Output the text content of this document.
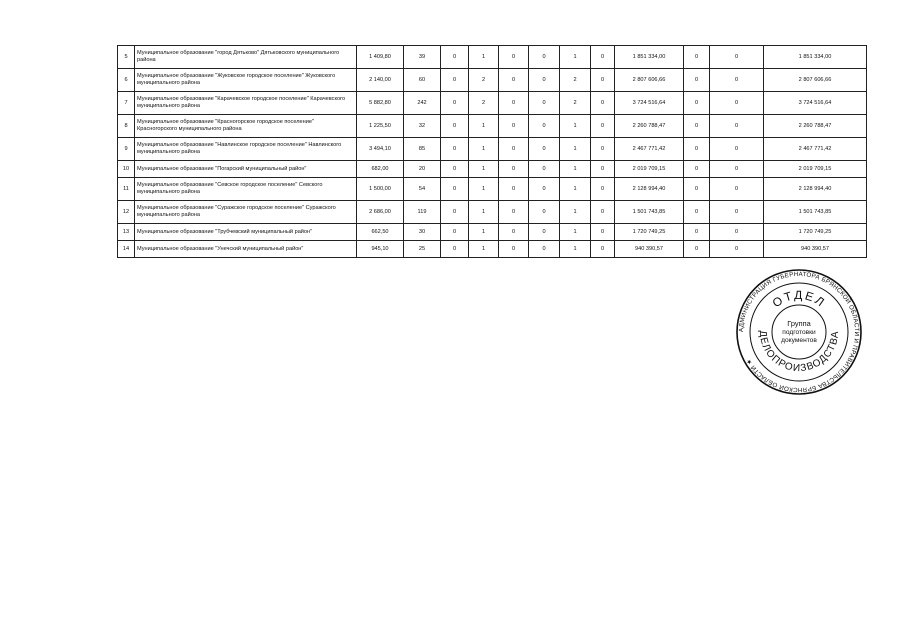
5	Муниципальное образование "город Дятьково" Дятьковского муниципального района	1 409,80	39	0	1	0	0	1	0	1 851 334,00	0	0	1 851 334,00
6	Муниципальное образование "Жуковское городское поселение" Жуковского муниципального района	2 140,00	60	0	2	0	0	2	0	2 807 606,66	0	0	2 807 606,66
7	Муниципальное образование "Карачевское городское поселение" Карачевского муниципального района	5 882,80	242	0	2	0	0	2	0	3 724 516,64	0	0	3 724 516,64
8	Муниципальное образование "Красногорское городское поселение" Красногорского муниципального района	1 225,50	32	0	1	0	0	1	0	2 260 788,47	0	0	2 260 788,47
9	Муниципальное образование "Навлинское городское поселение" Навлинского муниципального района	3 494,10	85	0	1	0	0	1	0	2 467 771,42	0	0	2 467 771,42
10	Муниципальное образование "Погарский муниципальный район"	682,00	20	0	1	0	0	1	0	2 019 709,15	0	0	2 019 709,15
11	Муниципальное образование "Севское городское поселение" Севского муниципального района	1 500,00	54	0	1	0	0	1	0	2 128 994,40	0	0	2 128 994,40
12	Муниципальное образование "Суражское городское поселение" Суражского муниципального района	2 686,00	119	0	1	0	0	1	0	1 501 743,85	0	0	1 501 743,85
13	Муниципальное образование "Трубчевский муниципальный район"	662,50	30	0	1	0	0	1	0	1 720 749,25	0	0	1 720 749,25
14	Муниципальное образование "Унечский муниципальный район"	945,10	25	0	1	0	0	1	0	940 390,57	0	0	940 390,57
АДМИНИСТРАЦИЯ ГУБЕРНАТОРА БРЯНСКОЙ ОБЛАСТИ И ПРАВИТЕЛЬСТВА БРЯНСКОЙ ОБЛАСТИ ★
ОТДЕЛ
ДЕЛОПРОИЗВОДСТВА
Группа
подготовки
документов
